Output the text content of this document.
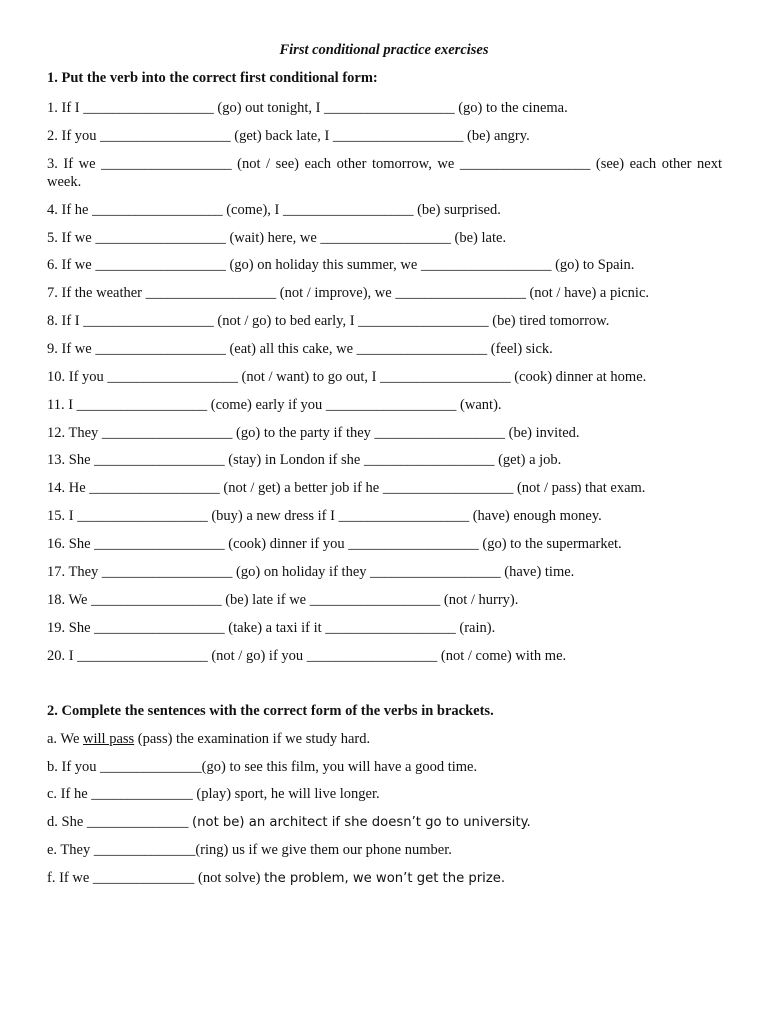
First conditional practice exercises
1. Put the verb into the correct first conditional form:
1. If I __________________ (go) out tonight, I __________________ (go) to the cinema.
2. If you __________________ (get) back late, I __________________ (be) angry.
3. If we __________________ (not / see) each other tomorrow, we __________________ (see) each other next week.
4. If he __________________ (come), I __________________ (be) surprised.
5. If we __________________ (wait) here, we __________________ (be) late.
6. If we __________________ (go) on holiday this summer, we __________________ (go) to Spain.
7. If the weather __________________ (not / improve), we __________________ (not / have) a picnic.
8. If I __________________ (not / go) to bed early, I __________________ (be) tired tomorrow.
9. If we __________________ (eat) all this cake, we __________________ (feel) sick.
10. If you __________________ (not / want) to go out, I __________________ (cook) dinner at home.
11. I __________________ (come) early if you __________________ (want).
12. They __________________ (go) to the party if they __________________ (be) invited.
13. She __________________ (stay) in London if she __________________ (get) a job.
14. He __________________ (not / get) a better job if he __________________ (not / pass) that exam.
15. I __________________ (buy) a new dress if I __________________ (have) enough money.
16. She __________________ (cook) dinner if you __________________ (go) to the supermarket.
17. They __________________ (go) on holiday if they __________________ (have) time.
18. We __________________ (be) late if we __________________ (not / hurry).
19. She __________________ (take) a taxi if it __________________ (rain).
20. I __________________ (not / go) if you __________________ (not / come) with me.
2. Complete the sentences with the correct form of the verbs in brackets.
a. We will pass (pass) the examination if we study hard.
b. If you ______________(go) to see this film, you will have a good time.
c. If he ______________ (play) sport, he will live longer.
d. She ______________ (not be) an architect if she doesn’t go to university.
e. They ______________(ring) us if we give them our phone number.
f. If we ______________ (not solve) the problem, we won’t get the prize.
